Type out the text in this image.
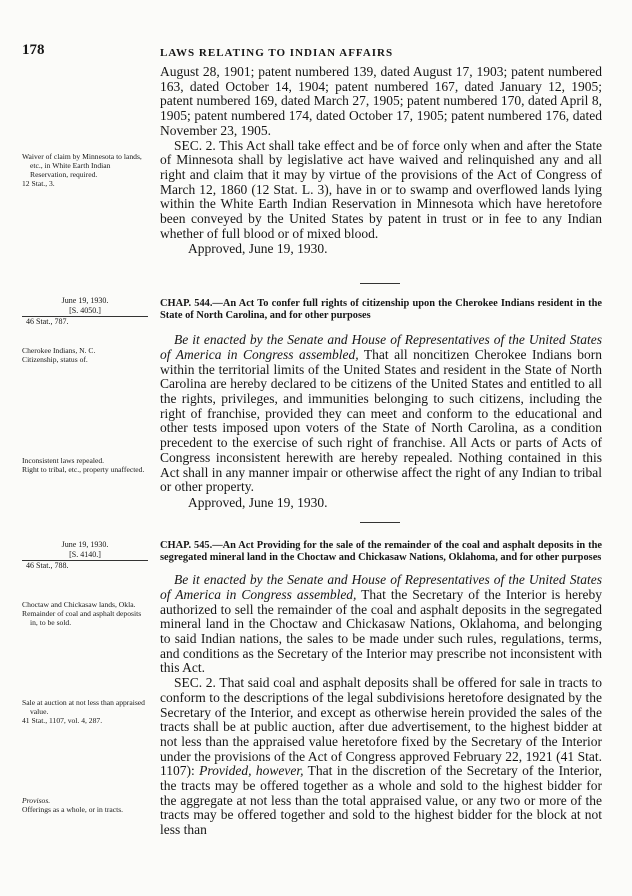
178	LAWS RELATING TO INDIAN AFFAIRS

August 28, 1901; patent numbered 139, dated August 17, 1903; patent numbered 163, dated October 14, 1904; patent numbered 167, dated January 12, 1905; patent numbered 169, dated March 27, 1905; patent numbered 170, dated April 8, 1905; patent numbered 174, dated October 17, 1905; patent numbered 176, dated November 23, 1905.

SEC. 2. This Act shall take effect and be of force only when and after the State of Minnesota shall by legislative act have waived and relinquished any and all right and claim that it may by virtue of the provisions of the Act of Congress of March 12, 1860 (12 Stat. L. 3), have in or to swamp and overflowed lands lying within the White Earth Indian Reservation in Minnesota which have heretofore been conveyed by the United States by patent in trust or in fee to any Indian whether of full blood or of mixed blood.

Approved, June 19, 1930.

Waiver of claim by Minnesota to lands, etc., in White Earth Indian Reservation, required.

12 Stat., 3.

June 19, 1930.
[S. 4050.]
46 Stat., 787.
CHAP. 544.—An Act To confer full rights of citizenship upon the Cherokee Indians resident in the State of North Carolina, and for other purposes

Be it enacted by the Senate and House of Representatives of the United States of America in Congress assembled, That all noncitizen Cherokee Indians born within the territorial limits of the United States and resident in the State of North Carolina are hereby declared to be citizens of the United States and entitled to all the rights, privileges, and immunities belonging to such citizens, including the right of franchise, provided they can meet and conform to the educational and other tests imposed upon voters of the State of North Carolina, as a condition precedent to the exercise of such right of franchise. All Acts or parts of Acts of Congress inconsistent herewith are hereby repealed. Nothing contained in this Act shall in any manner impair or otherwise affect the right of any Indian to tribal or other property.

Approved, June 19, 1930.

Cherokee Indians, N. C.

Citizenship, status of.

Inconsistent laws repealed.

Right to tribal, etc., property unaffected.

June 19, 1930.
[S. 4140.]
46 Stat., 788.
CHAP. 545.—An Act Providing for the sale of the remainder of the coal and asphalt deposits in the segregated mineral land in the Choctaw and Chickasaw Nations, Oklahoma, and for other purposes

Be it enacted by the Senate and House of Representatives of the United States of America in Congress assembled, That the Secretary of the Interior is hereby authorized to sell the remainder of the coal and asphalt deposits in the segregated mineral land in the Choctaw and Chickasaw Nations, Oklahoma, and belonging to said Indian nations, the sales to be made under such rules, regulations, terms, and conditions as the Secretary of the Interior may prescribe not inconsistent with this Act.

SEC. 2. That said coal and asphalt deposits shall be offered for sale in tracts to conform to the descriptions of the legal subdivisions heretofore designated by the Secretary of the Interior, and except as otherwise herein provided the sales of the tracts shall be at public auction, after due advertisement, to the highest bidder at not less than the appraised value heretofore fixed by the Secretary of the Interior under the provisions of the Act of Congress approved February 22, 1921 (41 Stat. 1107): Provided, however, That in the discretion of the Secretary of the Interior, the tracts may be offered together as a whole and sold to the highest bidder for the aggregate at not less than the total appraised value, or any two or more of the tracts may be offered together and sold to the highest bidder for the block at not less than

Choctaw and Chickasaw lands, Okla.

Remainder of coal and asphalt deposits in, to be sold.

Sale at auction at not less than appraised value.

41 Stat., 1107, vol. 4, 287.

Provisos.

Offerings as a whole, or in tracts.
